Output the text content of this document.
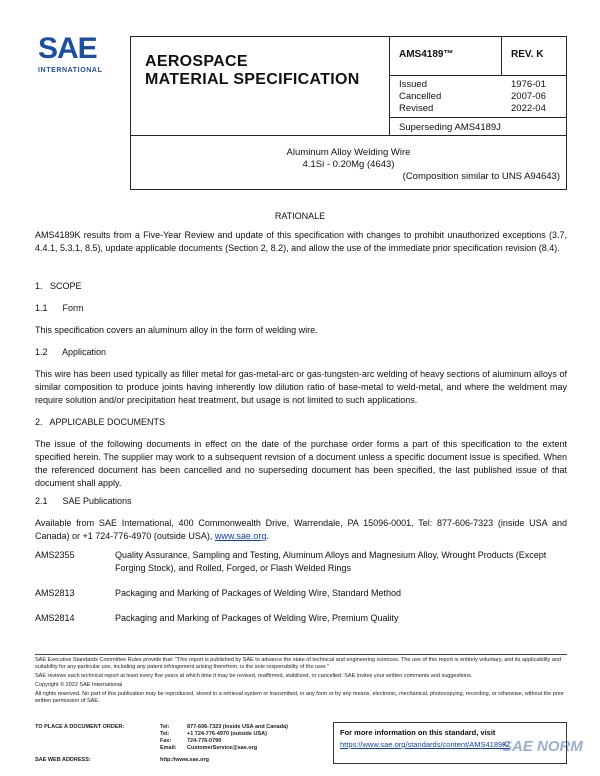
SAE
INTERNATIONAL
AEROSPACE
MATERIAL SPECIFICATION
AMS4189™	REV. K
Issued	1976-01
Cancelled	2007-06
Revised	2022-04
Superseding AMS4189J
Aluminum Alloy Welding Wire
4.1Si - 0.20Mg (4643)
(Composition similar to UNS A94643)
RATIONALE
AMS4189K results from a Five-Year Review and update of this specification with changes to prohibit unauthorized exceptions (3.7, 4.4.1, 5.3.1, 8.5), update applicable documents (Section 2, 8.2), and allow the use of the immediate prior specification revision (8.4).
1.   SCOPE
1.1      Form
This specification covers an aluminum alloy in the form of welding wire.
1.2      Application
This wire has been used typically as filler metal for gas-metal-arc or gas-tungsten-arc welding of heavy sections of aluminum alloys of similar composition to produce joints having inherently low dilution ratio of base-metal to weld-metal, and where the weldment may require solution and/or precipitation heat treatment, but usage is not limited to such applications.
2.   APPLICABLE DOCUMENTS
The issue of the following documents in effect on the date of the purchase order forms a part of this specification to the extent specified herein. The supplier may work to a subsequent revision of a document unless a specific document issue is specified. When the referenced document has been cancelled and no superseding document has been specified, the last published issue of that document shall apply.
2.1      SAE Publications
Available from SAE International, 400 Commonwealth Drive, Warrendale, PA 15096-0001, Tel: 877-606-7323 (inside USA and Canada) or +1 724-776-4970 (outside USA), www.sae.org.
AMS2355	Quality Assurance, Sampling and Testing, Aluminum Alloys and Magnesium Alloy, Wrought Products (Except Forging Stock), and Rolled, Forged, or Flash Welded Rings
AMS2813	Packaging and Marking of Packages of Welding Wire, Standard Method
AMS2814	Packaging and Marking of Packages of Welding Wire, Premium Quality
SAE Executive Standards Committee Rules provide that: "This report is published by SAE to advance the state of technical and engineering sciences. The use of this report is entirely voluntary, and its applicability and suitability for any particular use, including any patent infringement arising therefrom, is the sole responsibility of the user."
SAE reviews each technical report at least every five years at which time it may be revised, reaffirmed, stabilized, or cancelled. SAE invites your written comments and suggestions.
Copyright © 2022 SAE International
All rights reserved. No part of this publication may be reproduced, stored in a retrieval system or transmitted, in any form or by any means, electronic, mechanical, photocopying, recording, or otherwise, without the prior written permission of SAE.
TO PLACE A DOCUMENT ORDER:	Tel:	877-606-7323 (inside USA and Canada)
Tel:	+1 724-776-4970 (outside USA)
Fax:	724-776-0790
Email:	CustomerService@sae.org
SAE WEB ADDRESS:	http://www.sae.org
For more information on this standard, visit
https://www.sae.org/standards/content/AMS4189K/
SAE NORM
